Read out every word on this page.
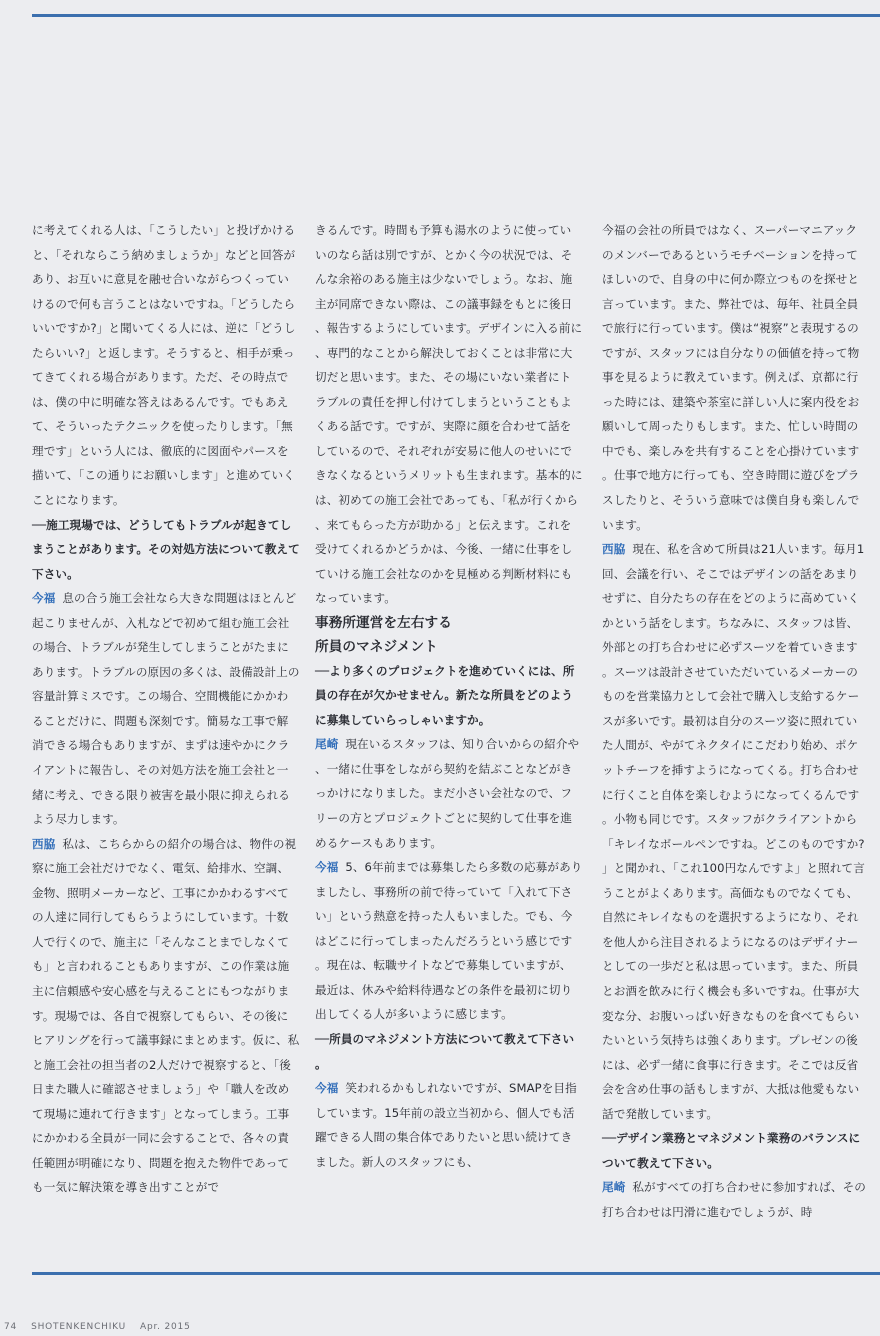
に考えてくれる人は、「こうしたい」と投げかけると、「それならこう納めましょうか」などと回答があり、お互いに意見を融せ合いながらつくっていけるので何も言うことはないですね。「どうしたらいいですか?」と聞いてくる人には、逆に「どうしたらいい?」と返します。そうすると、相手が乗ってきてくれる場合があります。ただ、その時点では、僕の中に明確な答えはあるんです。でもあえて、そういったテクニックを使ったりします。「無理です」という人には、徹底的に図面やパースを描いて、「この通りにお願いします」と進めていくことになります。

──施工現場では、どうしてもトラブルが起きてしまうことがあります。その対処方法について教えて下さい。

今福 息の合う施工会社なら大きな問題はほとんど起こりませんが、入札などで初めて組む施工会社の場合、トラブルが発生してしまうことがたまにあります。トラブルの原因の多くは、設備設計上の容量計算ミスです。この場合、空間機能にかかわることだけに、問題も深刻です。簡易な工事で解消できる場合もありますが、まずは速やかにクライアントに報告し、その対処方法を施工会社と一緒に考え、できる限り被害を最小限に抑えられるよう尽力します。

西脇 私は、こちらからの紹介の場合は、物件の視察に施工会社だけでなく、電気、給排水、空調、金物、照明メーカーなど、工事にかかわるすべての人達に同行してもらうようにしています。十数人で行くので、施主に「そんなことまでしなくても」と言われることもありますが、この作業は施主に信頼感や安心感を与えることにもつながります。現場では、各自で視察してもらい、その後にヒアリングを行って議事録にまとめます。仮に、私と施工会社の担当者の2人だけで視察すると、「後日また職人に確認させましょう」や「職人を改めて現場に連れて行きます」となってしまう。工事にかかわる全員が一同に会することで、各々の責任範囲が明確になり、問題を抱えた物件であっても一気に解決策を導き出すことがで

きるんです。時間も予算も湯水のように使っていいのなら話は別ですが、とかく今の状況では、そんな余裕のある施主は少ないでしょう。なお、施主が同席できない際は、この議事録をもとに後日、報告するようにしています。デザインに入る前に、専門的なことから解決しておくことは非常に大切だと思います。また、その場にいない業者にトラブルの責任を押し付けてしまうということもよくある話です。ですが、実際に顔を合わせて話をしているので、それぞれが安易に他人のせいにできなくなるというメリットも生まれます。基本的には、初めての施工会社であっても、「私が行くから、来てもらった方が助かる」と伝えます。これを受けてくれるかどうかは、今後、一緒に仕事をしていける施工会社なのかを見極める判断材料にもなっています。

事務所運営を左右する
所員のマネジメント

──より多くのプロジェクトを進めていくには、所員の存在が欠かせません。新たな所員をどのように募集していらっしゃいますか。

尾崎 現在いるスタッフは、知り合いからの紹介や、一緒に仕事をしながら契約を結ぶことなどがきっかけになりました。まだ小さい会社なので、フリーの方とプロジェクトごとに契約して仕事を進めるケースもあります。

今福 5、6年前までは募集したら多数の応募がありましたし、事務所の前で待っていて「入れて下さい」という熱意を持った人もいました。でも、今はどこに行ってしまったんだろうという感じです。現在は、転職サイトなどで募集していますが、最近は、休みや給料待遇などの条件を最初に切り出してくる人が多いように感じます。

──所員のマネジメント方法について教えて下さい。

今福 笑われるかもしれないですが、SMAPを目指しています。15年前の設立当初から、個人でも活躍できる人間の集合体でありたいと思い続けてきました。新人のスタッフにも、

今福の会社の所員ではなく、スーパーマニアックのメンバーであるというモチベーションを持ってほしいので、自身の中に何か際立つものを探せと言っています。また、弊社では、毎年、社員全員で旅行に行っています。僕は“視察”と表現するのですが、スタッフには自分なりの価値を持って物事を見るように教えています。例えば、京都に行った時には、建築や茶室に詳しい人に案内役をお願いして周ったりもします。また、忙しい時間の中でも、楽しみを共有することを心掛けています。仕事で地方に行っても、空き時間に遊びをプラスしたりと、そういう意味では僕自身も楽しんでいます。

西脇 現在、私を含めて所員は21人います。毎月1回、会議を行い、そこではデザインの話をあまりせずに、自分たちの存在をどのように高めていくかという話をします。ちなみに、スタッフは皆、外部との打ち合わせに必ずスーツを着ていきます。スーツは設計させていただいているメーカーのものを営業協力として会社で購入し支給するケースが多いです。最初は自分のスーツ姿に照れていた人間が、やがてネクタイにこだわり始め、ポケットチーフを挿すようになってくる。打ち合わせに行くこと自体を楽しむようになってくるんです。小物も同じです。スタッフがクライアントから「キレイなボールペンですね。どこのものですか?」と聞かれ、「これ100円なんですよ」と照れて言うことがよくあります。高価なものでなくても、自然にキレイなものを選択するようになり、それを他人から注目されるようになるのはデザイナーとしての一歩だと私は思っています。また、所員とお酒を飲みに行く機会も多いですね。仕事が大変な分、お腹いっぱい好きなものを食べてもらいたいという気持ちは強くあります。プレゼンの後には、必ず一緒に食事に行きます。そこでは反省会を含め仕事の話もしますが、大抵は他愛もない話で発散しています。

──デザイン業務とマネジメント業務のバランスについて教えて下さい。

尾崎 私がすべての打ち合わせに参加すれば、その打ち合わせは円滑に進むでしょうが、時

74 SHOTENKENCHIKU Apr. 2015
